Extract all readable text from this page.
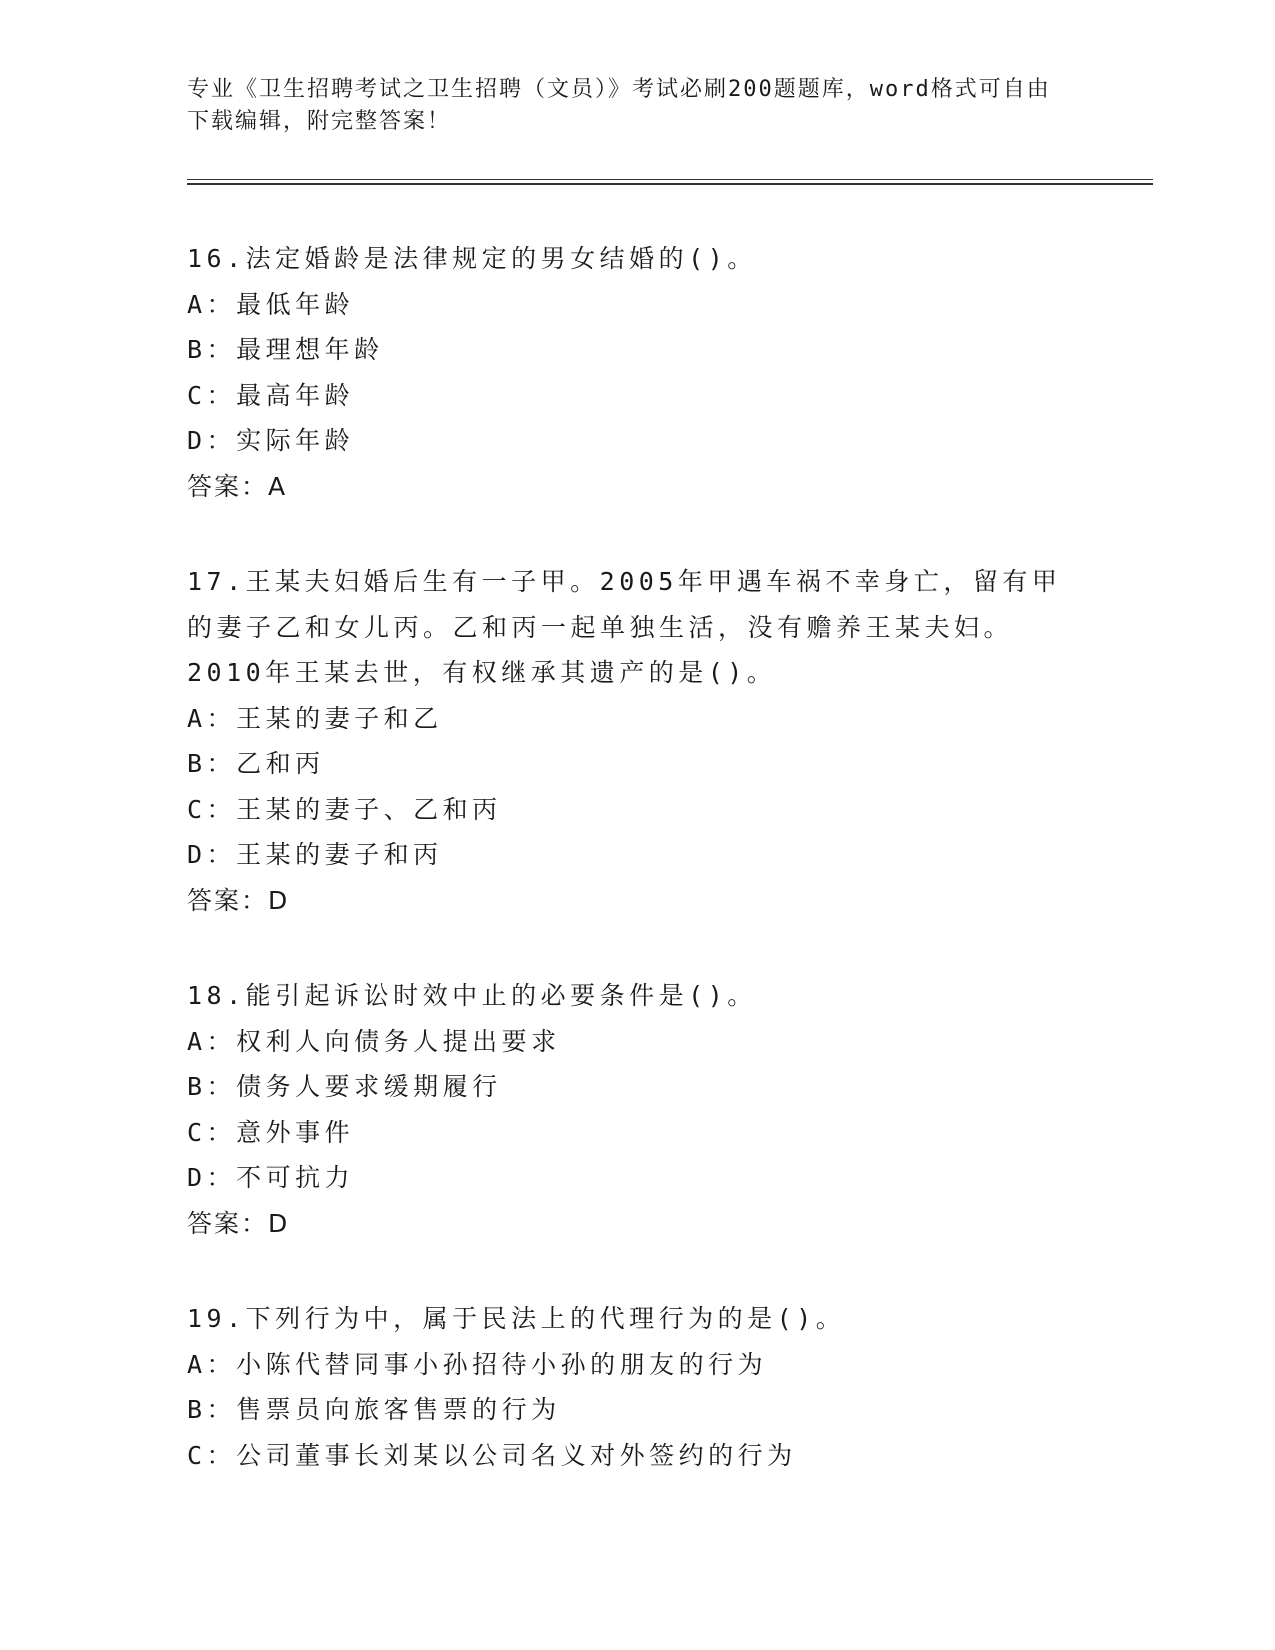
专业《卫生招聘考试之卫生招聘（文员）》考试必刷200题题库，word格式可自由下载编辑，附完整答案！
16.法定婚龄是法律规定的男女结婚的()。
A：最低年龄
B：最理想年龄
C：最高年龄
D：实际年龄
答案：A
17.王某夫妇婚后生有一子甲。2005年甲遇车祸不幸身亡，留有甲的妻子乙和女儿丙。乙和丙一起单独生活，没有赡养王某夫妇。2010年王某去世，有权继承其遗产的是()。
A：王某的妻子和乙
B：乙和丙
C：王某的妻子、乙和丙
D：王某的妻子和丙
答案：D
18.能引起诉讼时效中止的必要条件是()。
A：权利人向债务人提出要求
B：债务人要求缓期履行
C：意外事件
D：不可抗力
答案：D
19.下列行为中，属于民法上的代理行为的是()。
A：小陈代替同事小孙招待小孙的朋友的行为
B：售票员向旅客售票的行为
C：公司董事长刘某以公司名义对外签约的行为
